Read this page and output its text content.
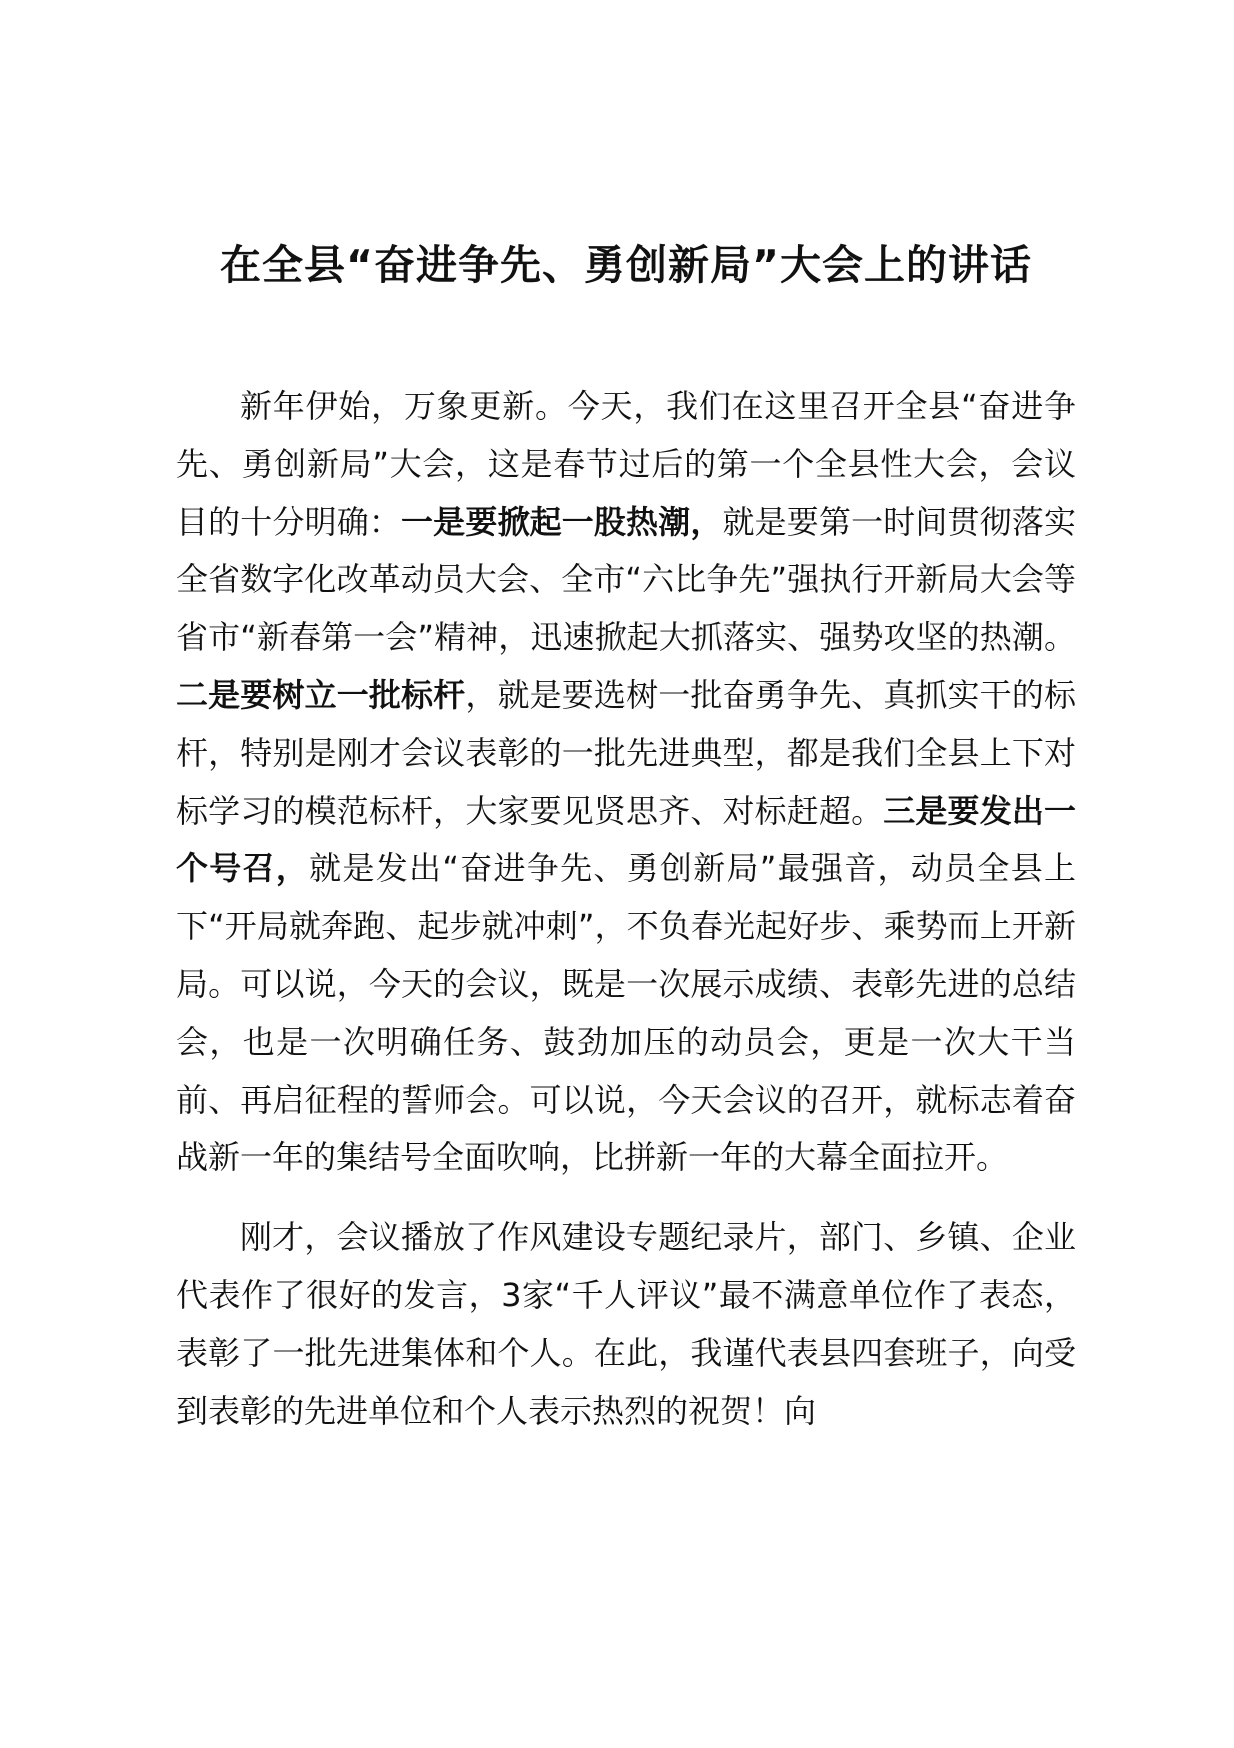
在全县“奋进争先、勇创新局”大会上的讲话

新年伊始，万象更新。今天，我们在这里召开全县“奋进争先、勇创新局”大会，这是春节过后的第一个全县性大会，会议目的十分明确：一是要掀起一股热潮，就是要第一时间贯彻落实全省数字化改革动员大会、全市“六比争先”强执行开新局大会等省市“新春第一会”精神，迅速掀起大抓落实、强势攻坚的热潮。二是要树立一批标杆，就是要选树一批奋勇争先、真抓实干的标杆，特别是刚才会议表彰的一批先进典型，都是我们全县上下对标学习的模范标杆，大家要见贤思齐、对标赶超。三是要发出一个号召，就是发出“奋进争先、勇创新局”最强音，动员全县上下“开局就奔跑、起步就冲刺”，不负春光起好步、乘势而上开新局。可以说，今天的会议，既是一次展示成绩、表彰先进的总结会，也是一次明确任务、鼓劲加压的动员会，更是一次大干当前、再启征程的誓师会。可以说，今天会议的召开，就标志着奋战新一年的集结号全面吹响，比拼新一年的大幕全面拉开。

刚才，会议播放了作风建设专题纪录片，部门、乡镇、企业代表作了很好的发言，3家“千人评议”最不满意单位作了表态，表彰了一批先进集体和个人。在此，我谨代表县四套班子，向受到表彰的先进单位和个人表示热烈的祝贺！向
